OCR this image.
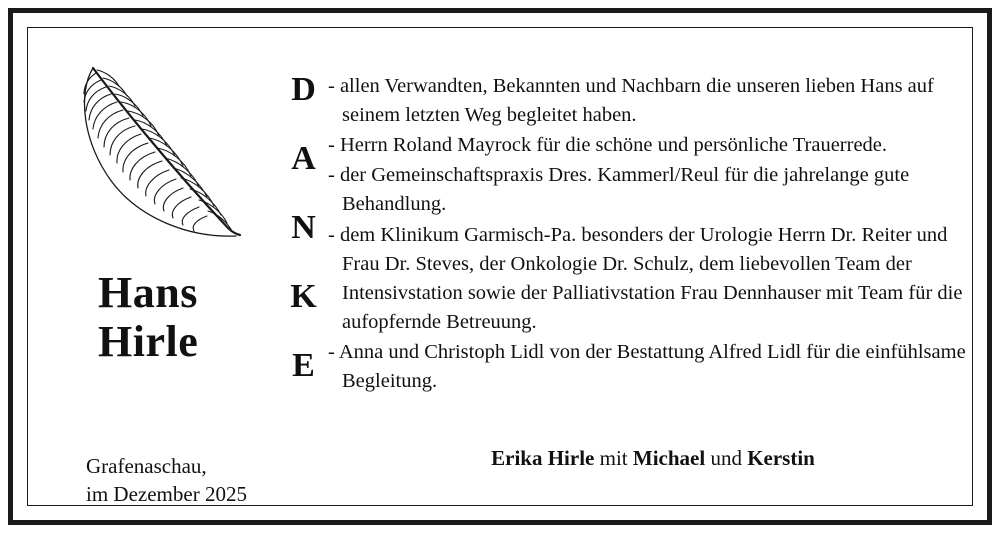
Hans
Hirle
Grafenaschau,
im Dezember 2025
D
A
N
K
E
- allen Verwandten, Bekannten und Nachbarn die unseren lieben Hans auf seinem letzten Weg begleitet haben.
- Herrn Roland Mayrock für die schöne und persönliche Trauerrede.
- der Gemeinschaftspraxis Dres. Kammerl/Reul für die jahrelange gute Behandlung.
- dem Klinikum Garmisch-Pa. besonders der Urologie Herrn Dr. Reiter und Frau Dr. Steves, der Onkologie Dr. Schulz, dem liebevollen Team der Intensivstation sowie der Palliativstation Frau Dennhauser mit Team für die aufopfernde Betreuung.
- Anna und Christoph Lidl von der Bestattung Alfred Lidl für die einfühlsame Begleitung.
Erika Hirle mit Michael und Kerstin
